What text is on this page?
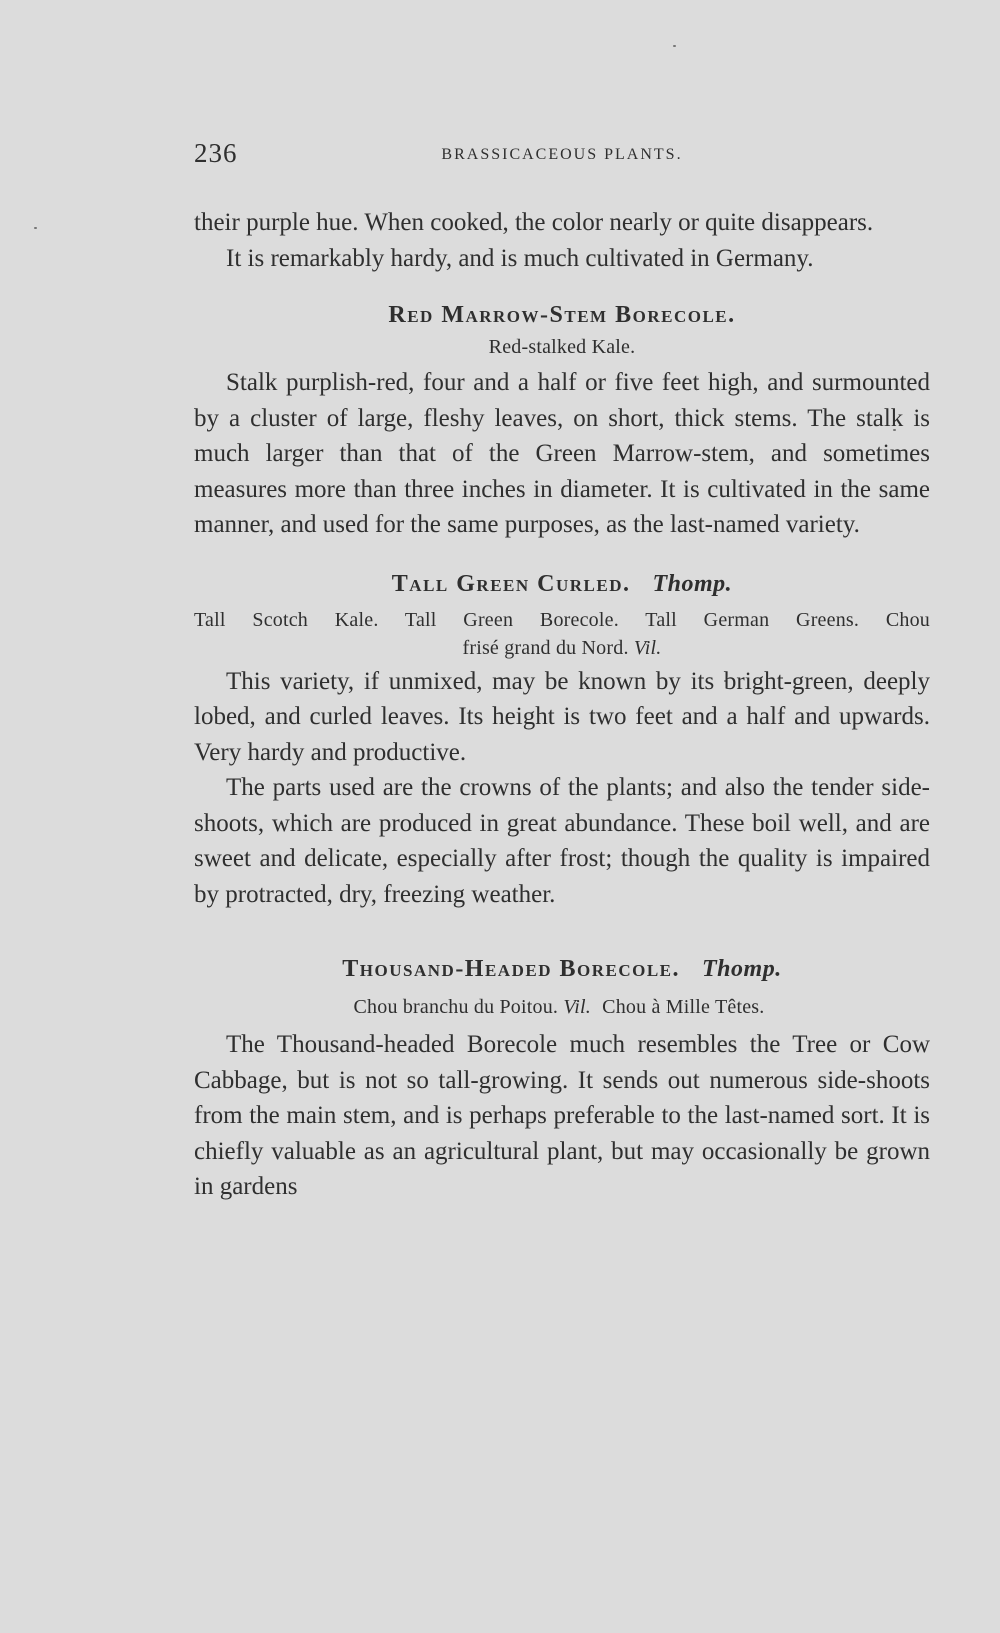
236	BRASSICACEOUS PLANTS.

their purple hue. When cooked, the color nearly or quite disappears.

It is remarkably hardy, and is much cultivated in Germany.

Red Marrow-Stem Borecole.

Red-stalked Kale.

Stalk purplish-red, four and a half or five feet high, and surmounted by a cluster of large, fleshy leaves, on short, thick stems. The stalk is much larger than that of the Green Marrow-stem, and sometimes measures more than three inches in diameter. It is cultivated in the same manner, and used for the same purposes, as the last-named variety.

Tall Green Curled. Thomp.

Tall Scotch Kale. Tall Green Borecole. Tall German Greens. Chou

frisé grand du Nord. Vil.

This variety, if unmixed, may be known by its bright-green, deeply lobed, and curled leaves. Its height is two feet and a half and upwards. Very hardy and productive.

The parts used are the crowns of the plants; and also the tender side-shoots, which are produced in great abundance. These boil well, and are sweet and delicate, especially after frost; though the quality is impaired by protracted, dry, freezing weather.

Thousand-Headed Borecole. Thomp.

Chou branchu du Poitou. Vil. Chou à Mille Têtes.

The Thousand-headed Borecole much resembles the Tree or Cow Cabbage, but is not so tall-growing. It sends out numerous side-shoots from the main stem, and is perhaps preferable to the last-named sort. It is chiefly valuable as an agricultural plant, but may occasionally be grown in gardens
